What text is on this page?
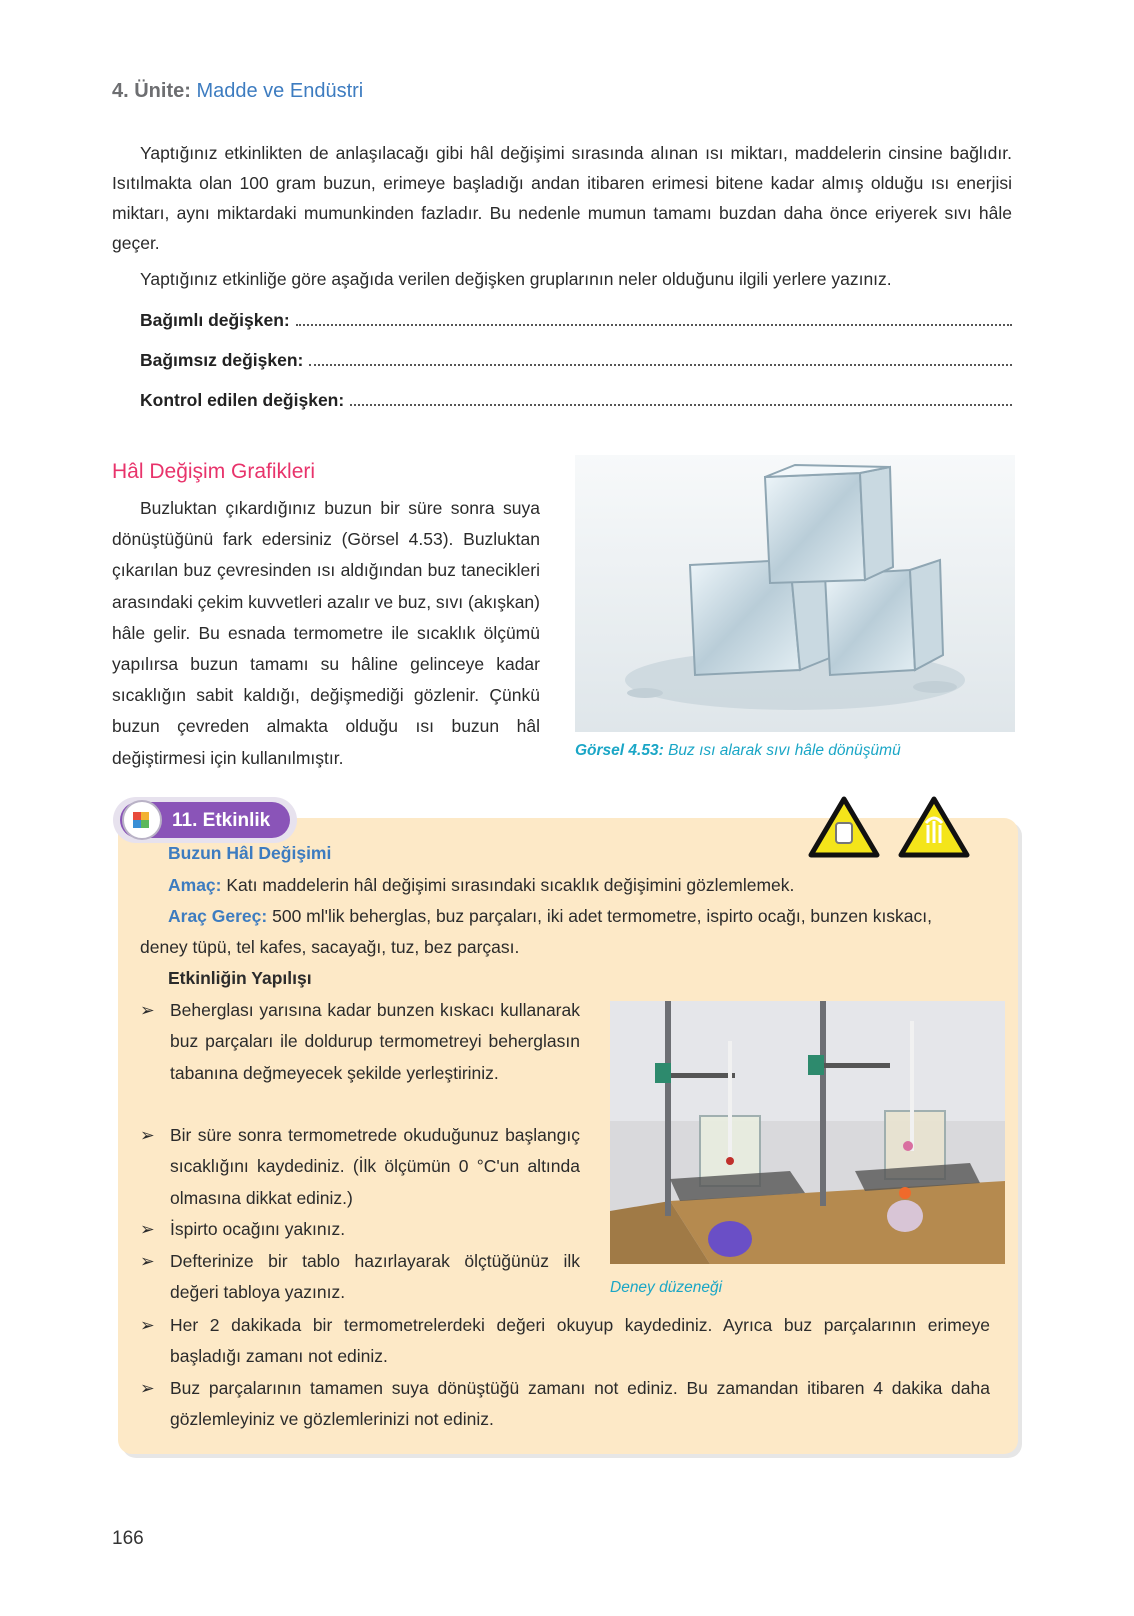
4. Ünite: Madde ve Endüstri

Yaptığınız etkinlikten de anlaşılacağı gibi hâl değişimi sırasında alınan ısı miktarı, maddelerin cinsine bağlıdır. Isıtılmakta olan 100 gram buzun, erimeye başladığı andan itibaren erimesi bitene kadar almış olduğu ısı enerjisi miktarı, aynı miktardaki mumunkinden fazladır. Bu nedenle mumun tamamı buzdan daha önce eriyerek sıvı hâle geçer.

Yaptığınız etkinliğe göre aşağıda verilen değişken gruplarının neler olduğunu ilgili yerlere yazınız.

Bağımlı değişken:
Bağımsız değişken:
Kontrol edilen değişken:
Hâl Değişim Grafikleri

Buzluktan çıkardığınız buzun bir süre sonra suya dönüştüğünü fark edersiniz (Görsel 4.53). Buzluktan çıkarılan buz çevresinden ısı aldığından buz tanecikleri arasındaki çekim kuvvetleri azalır ve buz, sıvı (akışkan) hâle gelir. Bu esnada termometre ile sıcaklık ölçümü yapılırsa buzun tamamı su hâline gelinceye kadar sıcaklığın sabit kaldığı, değişmediği gözlenir. Çünkü buzun çevreden almakta olduğu ısı buzun hâl değiştirmesi için kullanılmıştır.	Görsel 4.53: Buz ısı alarak sıvı hâle dönüşümü
11. Etkinlik
Buzun Hâl Değişimi
Amaç: Katı maddelerin hâl değişimi sırasındaki sıcaklık değişimini gözlemlemek.
Araç Gereç: 500 ml'lik beherglas, buz parçaları, iki adet termometre, ispirto ocağı, bunzen kıskacı,
deney tüpü, tel kafes, sacayağı, tuz, bez parçası.
Etkinliğin Yapılışı
➢ Beherglası yarısına kadar bunzen kıskacı kullanarak buz parçaları ile doldurup termometreyi beherglasın tabanına değmeyecek şekilde yerleştiriniz.
➢ Bir süre sonra termometrede okuduğunuz başlangıç sıcaklığını kaydediniz. (İlk ölçümün 0 °C'un altında olmasına dikkat ediniz.)
➢ İspirto ocağını yakınız.
➢ Defterinize bir tablo hazırlayarak ölçtüğünüz ilk değeri tabloya yazınız.
➢ Her 2 dakikada bir termometrelerdeki değeri okuyup kaydediniz. Ayrıca buz parçalarının erimeye başladığı zamanı not ediniz.
➢ Buz parçalarının tamamen suya dönüştüğü zamanı not ediniz. Bu zamandan itibaren 4 dakika daha gözlemleyiniz ve gözlemlerinizi not ediniz.
Deney düzeneği
166
